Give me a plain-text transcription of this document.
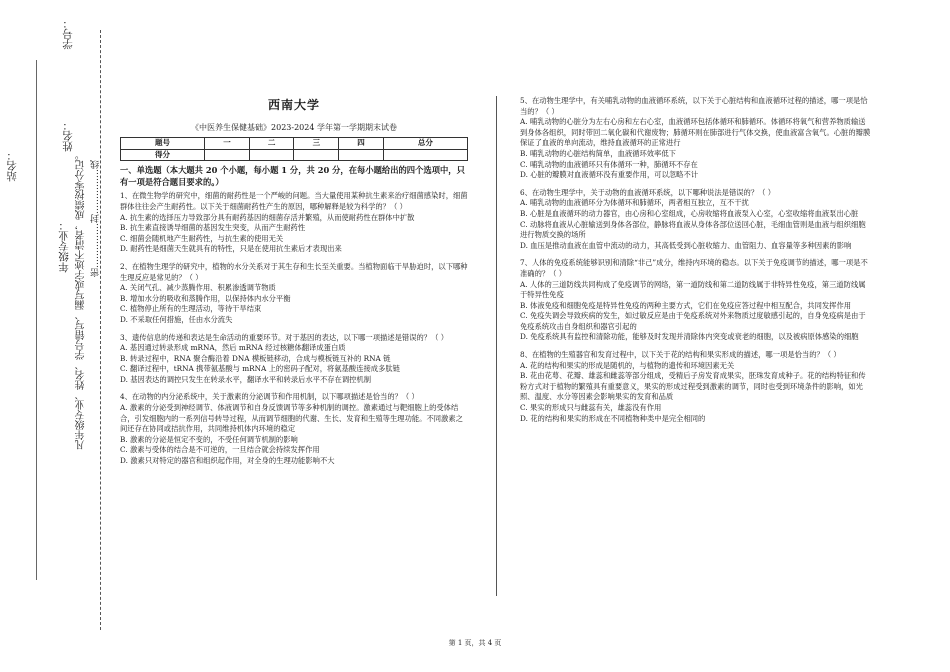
站名：
年级专业：
姓名：
学号：
凡年级专业、姓名、学号错写、漏写或字迹不清者，成绩按零分记。 密……………封……………线
西南大学
《中医养生保健基础》2023-2024 学年第一学期期末试卷
题号	一	二	三	四	总分
得分					
一、单选题（本大题共 20 个小题，每小题 1 分，共 20 分，在每小题给出的四个选项中，只有一项是符合题目要求的。）
1、在微生物学的研究中，细菌的耐药性是一个严峻的问题。当大量使用某种抗生素来治疗细菌感染时，细菌群体往往会产生耐药性。以下关于细菌耐药性产生的原因，哪种解释是较为科学的？（ ）
A. 抗生素的选择压力导致部分具有耐药基因的细菌存活并繁殖，从而使耐药性在群体中扩散
B. 抗生素直接诱导细菌的基因发生突变，从而产生耐药性
C. 细菌会随机地产生耐药性，与抗生素的使用无关
D. 耐药性是细菌天生就具有的特性，只是在使用抗生素后才表现出来
2、在植物生理学的研究中，植物的水分关系对于其生存和生长至关重要。当植物面临干旱胁迫时，以下哪种生理反应是常见的？（ ）
A. 关闭气孔、减少蒸腾作用、积累渗透调节物质
B. 增加水分的吸收和蒸腾作用，以保持体内水分平衡
C. 植物停止所有的生理活动，等待干旱结束
D. 不采取任何措施，任由水分流失
3、遗传信息的传递和表达是生命活动的重要环节。对于基因的表达，以下哪一项描述是错误的？（ ）
A. 基因通过转录形成 mRNA，然后 mRNA 经过核糖体翻译成蛋白质
B. 转录过程中，RNA 聚合酶沿着 DNA 模板链移动，合成与模板链互补的 RNA 链
C. 翻译过程中，tRNA 携带氨基酸与 mRNA 上的密码子配对，将氨基酸连接成多肽链
D. 基因表达的调控只发生在转录水平，翻译水平和转录后水平不存在调控机制
4、在动物的内分泌系统中，关于激素的分泌调节和作用机制，以下哪项描述是恰当的？（ ）
A. 激素的分泌受到神经调节、体液调节和自身反馈调节等多种机制的调控。激素通过与靶细胞上的受体结合，引发细胞内的一系列信号转导过程，从而调节细胞的代谢、生长、发育和生殖等生理功能。不同激素之间还存在协同或拮抗作用，共同维持机体内环境的稳定
B. 激素的分泌是恒定不变的，不受任何调节机制的影响
C. 激素与受体的结合是不可逆的，一旦结合就会持续发挥作用
D. 激素只对特定的器官和组织起作用，对全身的生理功能影响不大
5、在动物生理学中，有关哺乳动物的血液循环系统，以下关于心脏结构和血液循环过程的描述，哪一项是恰当的？（ ）
A. 哺乳动物的心脏分为左右心房和左右心室，血液循环包括体循环和肺循环。体循环将氧气和营养物质输送到身体各组织，同时带回二氧化碳和代谢废物；肺循环则在肺部进行气体交换，使血液富含氧气。心脏的瓣膜保证了血液的单向流动，维持血液循环的正常进行
B. 哺乳动物的心脏结构简单，血液循环效率低下
C. 哺乳动物的血液循环只有体循环一种，肺循环不存在
D. 心脏的瓣膜对血液循环没有重要作用，可以忽略不计
6、在动物生理学中，关于动物的血液循环系统，以下哪种说法是错误的？（ ）
A. 哺乳动物的血液循环分为体循环和肺循环，两者相互独立，互不干扰
B. 心脏是血液循环的动力器官，由心房和心室组成，心房收缩将血液泵入心室，心室收缩将血液泵出心脏
C. 动脉将血液从心脏输送到身体各部位，静脉将血液从身体各部位送回心脏，毛细血管则是血液与组织细胞进行物质交换的场所
D. 血压是推动血液在血管中流动的动力，其高低受到心脏收缩力、血管阻力、血容量等多种因素的影响
7、人体的免疫系统能够识别和清除“非己”成分，维持内环境的稳态。以下关于免疫调节的描述，哪一项是不准确的？（ ）
A. 人体的三道防线共同构成了免疫调节的网络，第一道防线和第二道防线属于非特异性免疫，第三道防线属于特异性免疫
B. 体液免疫和细胞免疫是特异性免疫的两种主要方式，它们在免疫应答过程中相互配合，共同发挥作用
C. 免疫失调会导致疾病的发生，如过敏反应是由于免疫系统对外来物质过度敏感引起的，自身免疫病是由于免疫系统攻击自身组织和器官引起的
D. 免疫系统具有监控和清除功能，能够及时发现并清除体内突变或衰老的细胞，以及被病原体感染的细胞
8、在植物的生殖器官和发育过程中，以下关于花的结构和果实形成的描述，哪一项是恰当的？（ ）
A. 花的结构和果实的形成是随机的，与植物的遗传和环境因素无关
B. 花由花萼、花瓣、雄蕊和雌蕊等部分组成，受精后子房发育成果实，胚珠发育成种子。花的结构特征和传粉方式对于植物的繁殖具有重要意义，果实的形成过程受到激素的调节，同时也受到环境条件的影响，如光照、温度、水分等因素会影响果实的发育和品质
C. 果实的形成只与雌蕊有关，雄蕊没有作用
D. 花的结构和果实的形成在不同植物种类中是完全相同的
第 1 页，共 4 页
